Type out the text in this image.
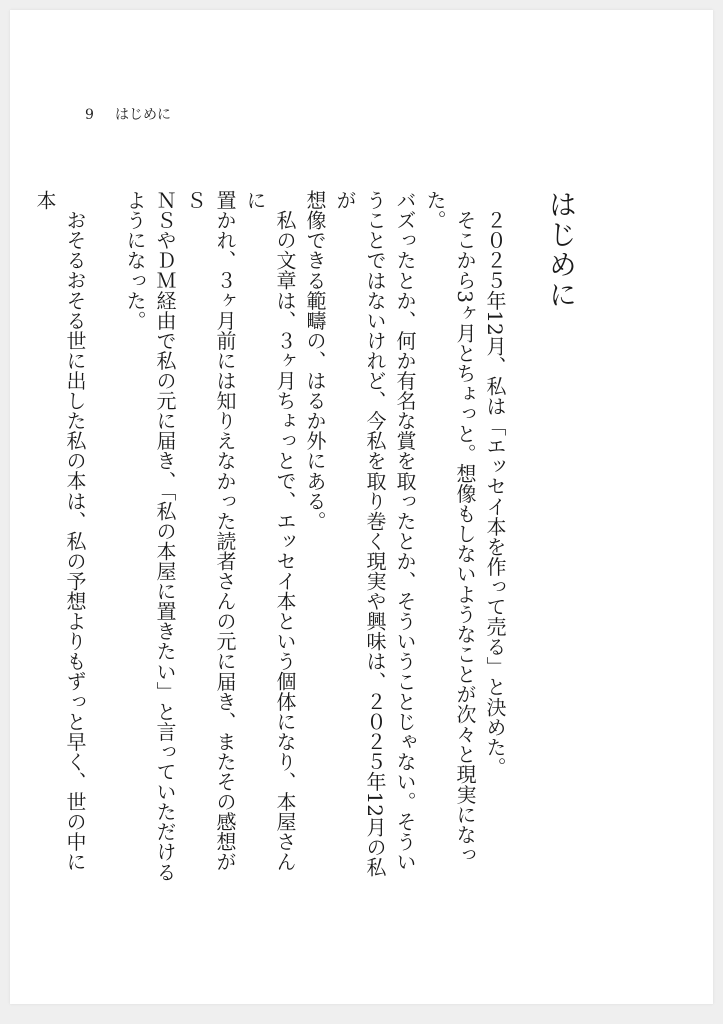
9 はじめに
はじめに

２０２５年12月、私は「エッセイ本を作って売る」と決めた。

そこから3ヶ月とちょっと。想像もしないようなことが次々と現実になった。
バズったとか、何か有名な賞を取ったとか、そういうことじゃない。そうい
うことではないけれど、今私を取り巻く現実や興味は、２０２５年12月の私が
想像できる範疇の、はるか外にある。

私の文章は、３ヶ月ちょっとで、エッセイ本という個体になり、本屋さんに
置かれ、３ヶ月前には知りえなかった読者さんの元に届き、またその感想がＳ
ＮＳやＤＭ経由で私の元に届き、「私の本屋に置きたい」と言っていただける
ようになった。

おそるおそる世に出した私の本は、私の予想よりもずっと早く、世の中に本
